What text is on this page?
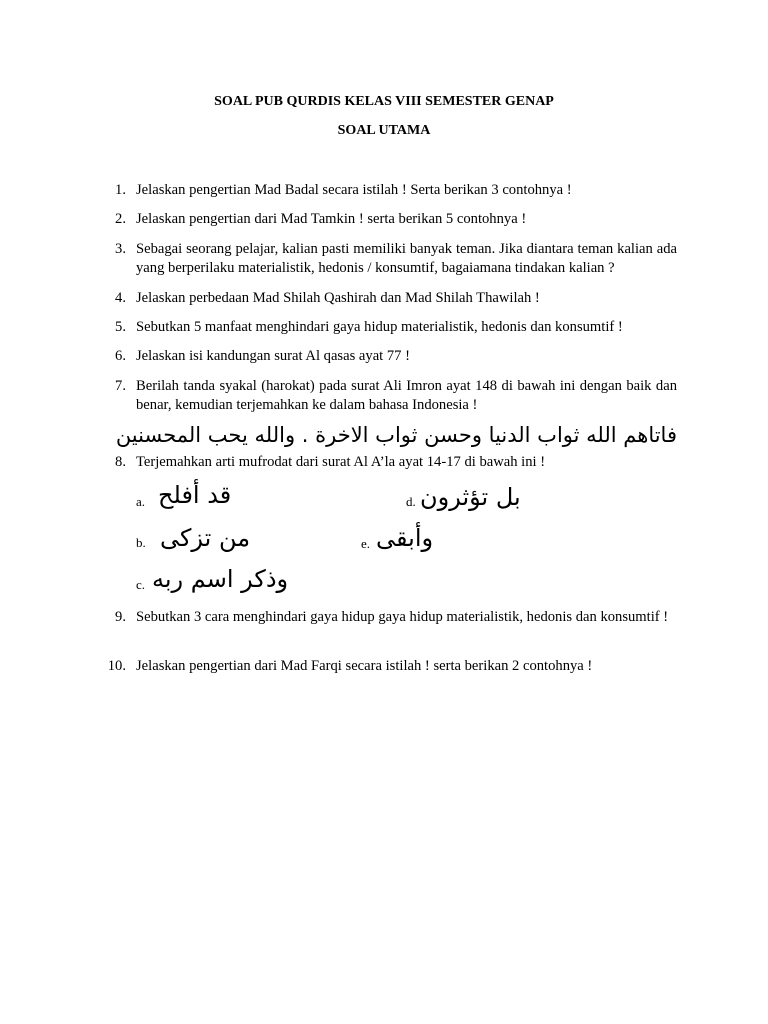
SOAL PUB QURDIS KELAS VIII SEMESTER GENAP
SOAL UTAMA
1. Jelaskan pengertian Mad Badal secara istilah ! Serta berikan 3 contohnya !
2. Jelaskan pengertian dari Mad Tamkin ! serta berikan 5 contohnya !
3. Sebagai seorang pelajar, kalian pasti memiliki banyak teman. Jika diantara teman kalian ada yang berperilaku materialistik, hedonis / konsumtif, bagaiamana tindakan kalian ?
4. Jelaskan perbedaan Mad Shilah Qashirah dan Mad Shilah Thawilah !
5. Sebutkan 5 manfaat menghindari gaya hidup materialistik, hedonis dan konsumtif !
6. Jelaskan isi kandungan surat Al qasas ayat 77 !
7. Berilah tanda syakal (harokat) pada surat Ali Imron ayat 148 di bawah ini dengan baik dan benar, kemudian terjemahkan ke dalam bahasa Indonesia !
فاتاهم الله ثواب الدنيا وحسن ثواب الاخرة . والله يحب المحسنين
8. Terjemahkan arti mufrodat dari surat Al A’la ayat 14-17 di bawah ini !
a. قد أفلح	d. بل تؤثرون
b. من تزكى	e. وأبقى
c. وذكر اسم ربه
9. Sebutkan 3 cara menghindari gaya hidup gaya hidup materialistik, hedonis dan konsumtif !
10. Jelaskan pengertian dari Mad Farqi secara istilah ! serta berikan 2 contohnya !
